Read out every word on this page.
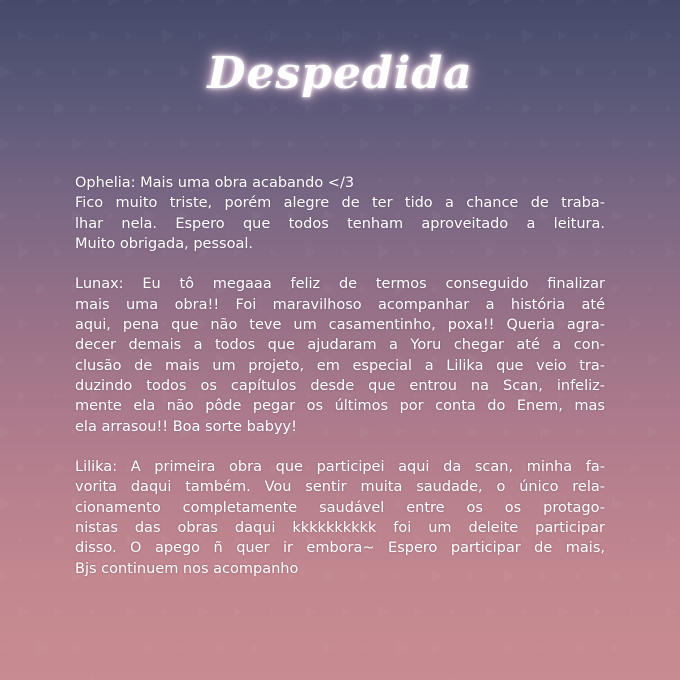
Despedida
Ophelia: Mais uma obra acabando </3
Fico muito triste, porém alegre de ter tido a chance de traba-
lhar nela. Espero que todos tenham aproveitado a leitura.
Muito obrigada, pessoal.
Lunax: Eu tô megaaa feliz de termos conseguido finalizar
mais uma obra!! Foi maravilhoso acompanhar a história até
aqui, pena que não teve um casamentinho, poxa!! Queria agra-
decer demais a todos que ajudaram a Yoru chegar até a con-
clusão de mais um projeto, em especial a Lilika que veio tra-
duzindo todos os capítulos desde que entrou na Scan, infeliz-
mente ela não pôde pegar os últimos por conta do Enem, mas
ela arrasou!! Boa sorte babyy!
Lilika: A primeira obra que participei aqui da scan, minha fa-
vorita daqui também. Vou sentir muita saudade, o único rela-
cionamento completamente saudável entre os os protago-
nistas das obras daqui kkkkkkkkkk foi um deleite participar
disso. O apego ñ quer ir embora~ Espero participar de mais,
Bjs continuem nos acompanho
